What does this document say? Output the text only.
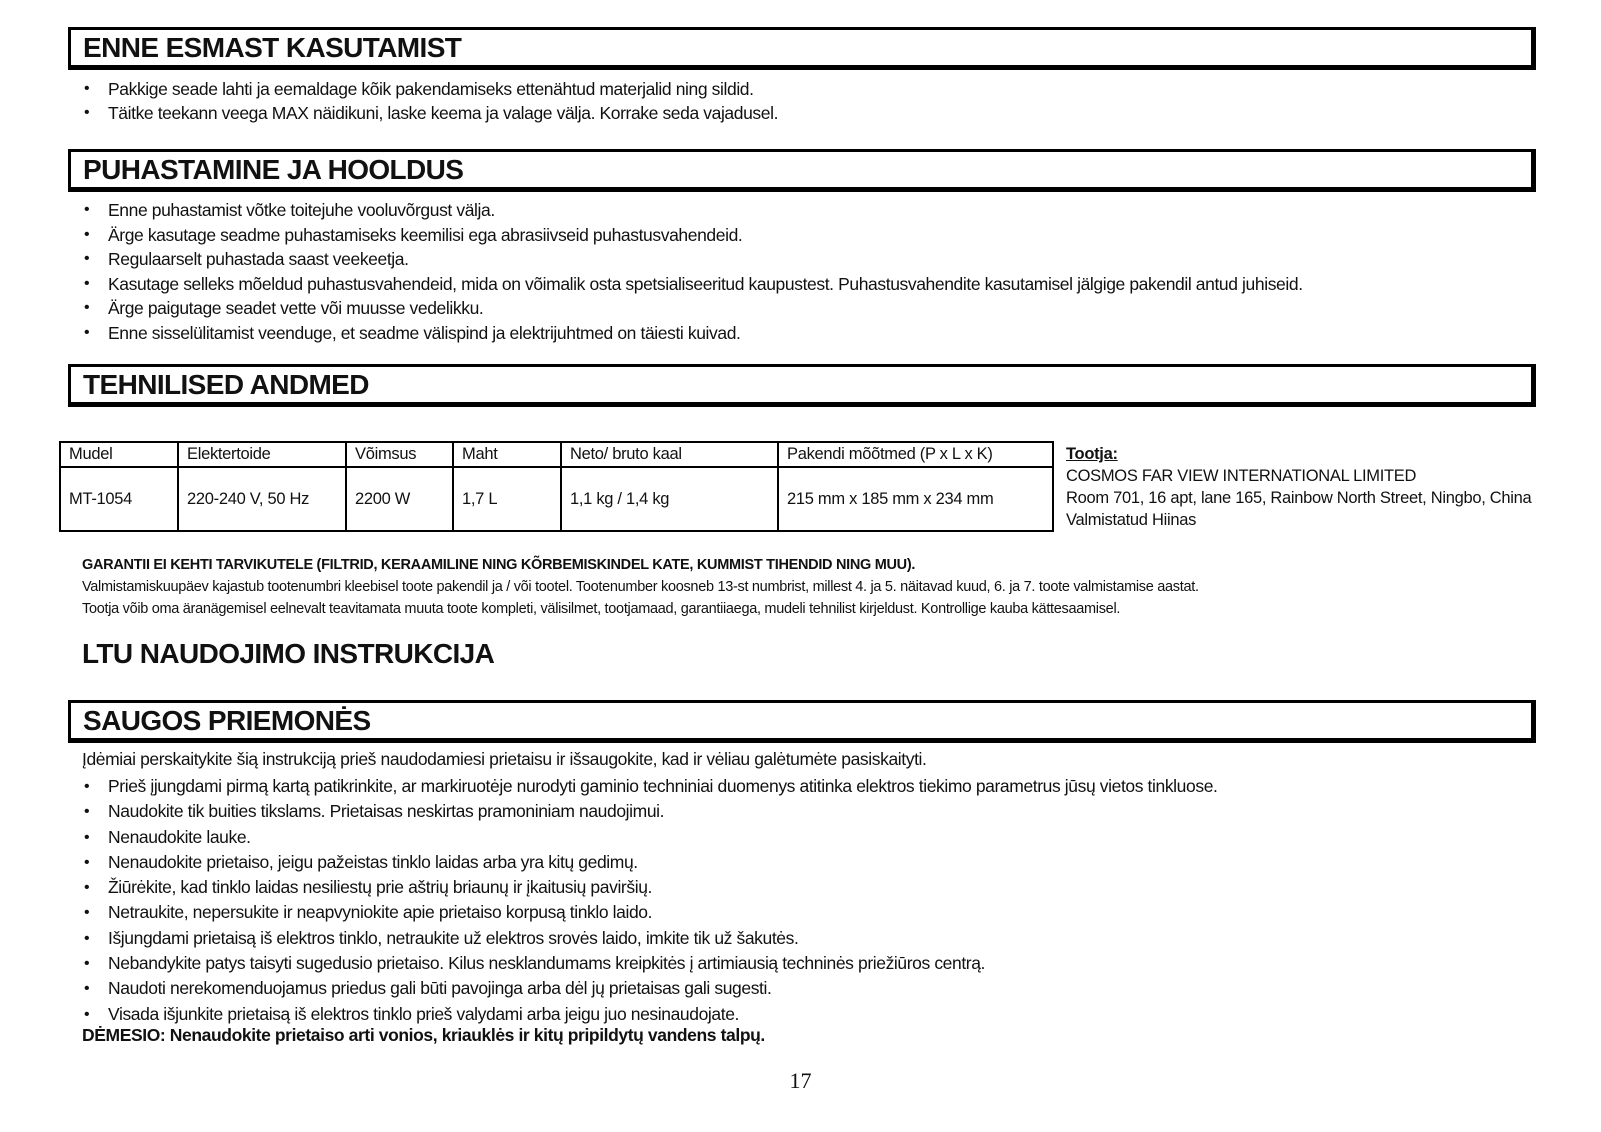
ENNE ESMAST KASUTAMIST
• Pakkige seade lahti ja eemaldage kõik pakendamiseks ettenähtud materjalid ning sildid.
• Täitke teekann veega MAX näidikuni, laske keema ja valage välja. Korrake seda vajadusel.
PUHASTAMINE JA HOOLDUS
• Enne puhastamist võtke toitejuhe vooluvõrgust välja.
• Ärge kasutage seadme puhastamiseks keemilisi ega abrasiivseid puhastusvahendeid.
• Regulaarselt puhastada saast veekeetja.
• Kasutage selleks mõeldud puhastusvahendeid, mida on võimalik osta spetsialiseeritud kaupustest. Puhastusvahendite kasutamisel jälgige pakendil antud juhiseid.
• Ärge paigutage seadet vette või muusse vedelikku.
• Enne sisselülitamist veenduge, et seadme välispind ja elektrijuhtmed on täiesti kuivad.
TEHNILISED ANDMED
Mudel	Elektertoide	Võimsus	Maht	Neto/ bruto kaal	Pakendi mõõtmed (P x L x K)
MT-1054	220-240 V, 50 Hz	2200 W	1,7 L	1,1 kg / 1,4 kg	215 mm x 185 mm x 234 mm
Tootja:
COSMOS FAR VIEW INTERNATIONAL LIMITED
Room 701, 16 apt, lane 165, Rainbow North Street, Ningbo, China
Valmistatud Hiinas
GARANTII EI KEHTI TARVIKUTELE (FILTRID, KERAAMILINE NING KÕRBEMISKINDEL KATE, KUMMIST TIHENDID NING MUU).
Valmistamiskuupäev kajastub tootenumbri kleebisel toote pakendil ja / või tootel. Tootenumber koosneb 13-st numbrist, millest 4. ja 5. näitavad kuud, 6. ja 7. toote valmistamise aastat.
Tootja võib oma äranägemisel eelnevalt teavitamata muuta toote kompleti, välisilmet, tootjamaad, garantiiaega, mudeli tehnilist kirjeldust. Kontrollige kauba kättesaamisel.
LTU NAUDOJIMO INSTRUKCIJA
SAUGOS PRIEMONĖS
Įdėmiai perskaitykite šią instrukciją prieš naudodamiesi prietaisu ir išsaugokite, kad ir vėliau galėtumėte pasiskaityti.
• Prieš įjungdami pirmą kartą patikrinkite, ar markiruotėje nurodyti gaminio techniniai duomenys atitinka elektros tiekimo parametrus jūsų vietos tinkluose.
• Naudokite tik buities tikslams. Prietaisas neskirtas pramoniniam naudojimui.
• Nenaudokite lauke.
• Nenaudokite prietaiso, jeigu pažeistas tinklo laidas arba yra kitų gedimų.
• Žiūrėkite, kad tinklo laidas nesiliestų prie aštrių briaunų ir įkaitusių paviršių.
• Netraukite, nepersukite ir neapvyniokite apie prietaiso korpusą tinklo laido.
• Išjungdami prietaisą iš elektros tinklo, netraukite už elektros srovės laido, imkite tik už šakutės.
• Nebandykite patys taisyti sugedusio prietaiso. Kilus nesklandumams kreipkitės į artimiausią techninės priežiūros centrą.
• Naudoti nerekomenduojamus priedus gali būti pavojinga arba dėl jų prietaisas gali sugesti.
• Visada išjunkite prietaisą iš elektros tinklo prieš valydami arba jeigu juo nesinaudojate.
DĖMESIO: Nenaudokite prietaiso arti vonios, kriauklės ir kitų pripildytų vandens talpų.
17
